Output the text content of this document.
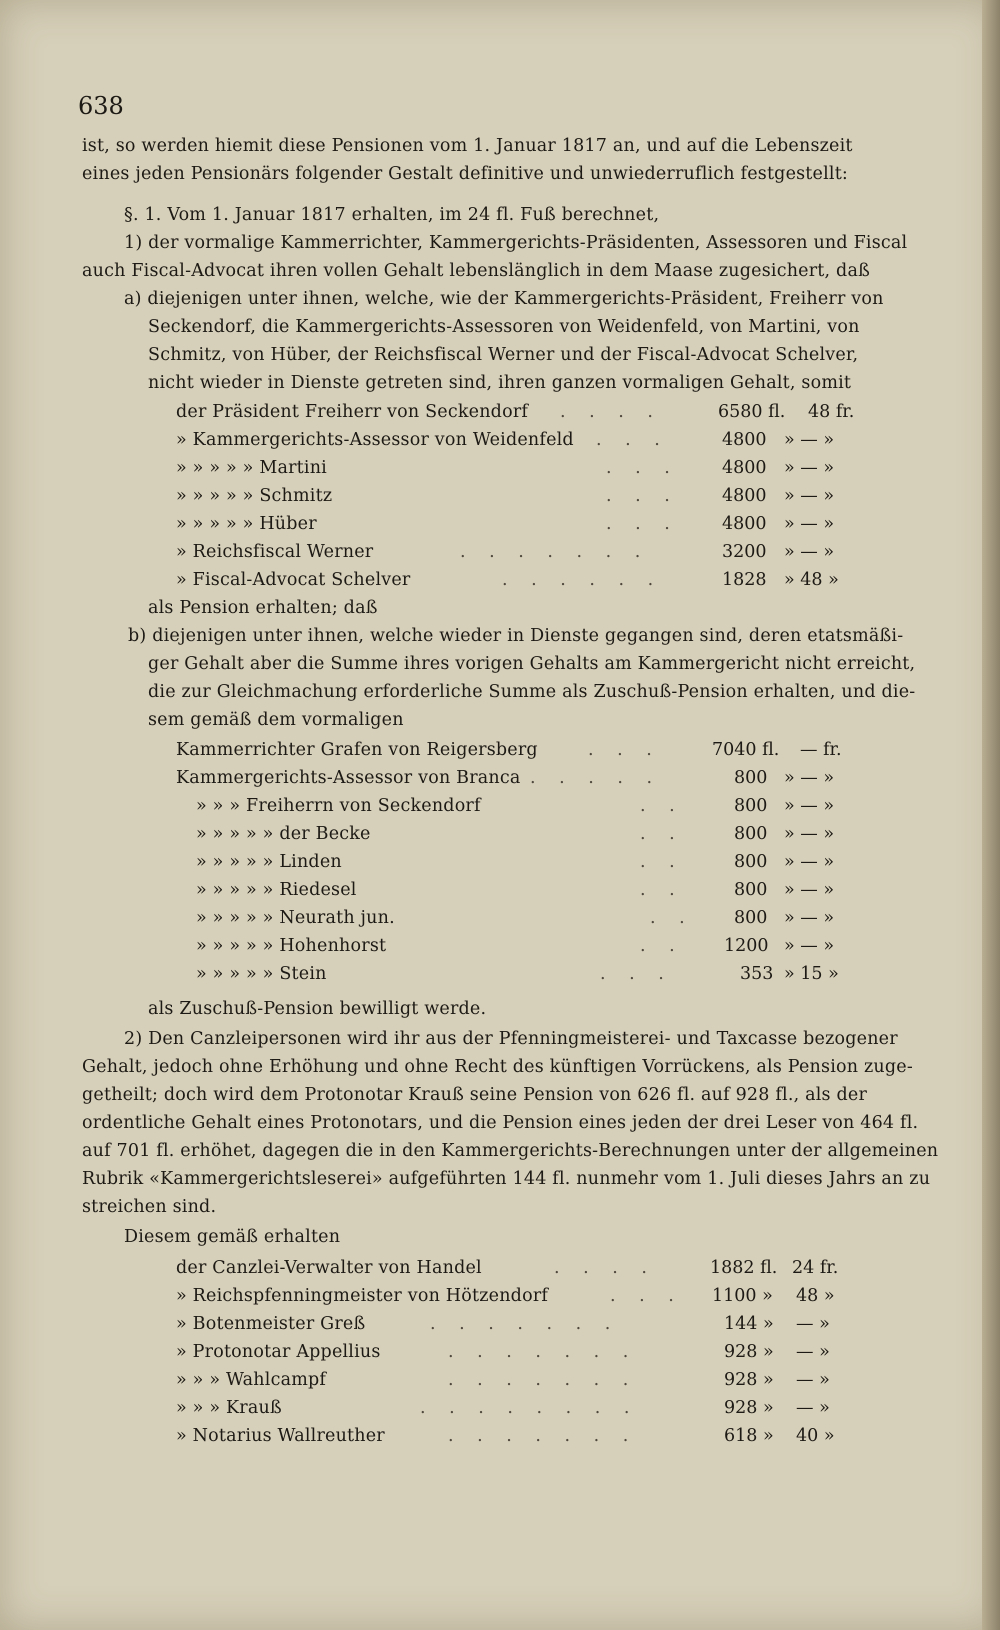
638
ist, so werden hiemit diese Pensionen vom 1. Januar 1817 an, und auf die Lebenszeit
eines jeden Pensionärs folgender Gestalt definitive und unwiederruflich festgestellt:
§. 1. Vom 1. Januar 1817 erhalten, im 24 fl. Fuß berechnet,
1) der vormalige Kammerrichter, Kammergerichts-Präsidenten, Assessoren und Fiscal
auch Fiscal-Advocat ihren vollen Gehalt lebenslänglich in dem Maase zugesichert, daß
a) diejenigen unter ihnen, welche, wie der Kammergerichts-Präsident, Freiherr von
Seckendorf, die Kammergerichts-Assessoren von Weidenfeld, von Martini, von
Schmitz, von Hüber, der Reichsfiscal Werner und der Fiscal-Advocat Schelver,
nicht wieder in Dienste getreten sind, ihren ganzen vormaligen Gehalt, somit
der Präsident Freiherr von Seckendorf . . . .	6580 fl. 48 fr.
» Kammergerichts-Assessor von Weidenfeld . . .	4800 » — »
» » » » » Martini	. . . 4800 » — »
» » » » » Schmitz	. . . 4800 » — »
» » » » » Hüber	. . . 4800 » — »
» Reichsfiscal Werner	. . . . . . .	3200 » — »
» Fiscal-Advocat Schelver	. . . . . .	1828 » 48 »
als Pension erhalten; daß
b) diejenigen unter ihnen, welche wieder in Dienste gegangen sind, deren etatsmäßi-
ger Gehalt aber die Summe ihres vorigen Gehalts am Kammergericht nicht erreicht,
die zur Gleichmachung erforderliche Summe als Zuschuß-Pension erhalten, und die-
sem gemäß dem vormaligen
Kammerrichter Grafen von Reigersberg	. . .	7040 fl. — fr.
Kammergerichts-Assessor von Branca . . . . .	800 » — »
» » » Freiherrn von Seckendorf	. .	800 » — »
» » » » » der Becke	. .	800 » — »
» » » » » Linden	. .	800 » — »
» » » » » Riedesel	. .	800 » — »
» » » » » Neurath jun.	. . 800 » — »
» » » » » Hohenhorst	. . 1200 » — »
» » » » » Stein	. . .	353 » 15 »
als Zuschuß-Pension bewilligt werde.
2) Den Canzleipersonen wird ihr aus der Pfenningmeisterei- und Taxcasse bezogener
Gehalt, jedoch ohne Erhöhung und ohne Recht des künftigen Vorrückens, als Pension zuge-
getheilt; doch wird dem Protonotar Krauß seine Pension von 626 fl. auf 928 fl., als der
ordentliche Gehalt eines Protonotars, und die Pension eines jeden der drei Leser von 464 fl.
auf 701 fl. erhöhet, dagegen die in den Kammergerichts-Berechnungen unter der allgemeinen
Rubrik «Kammergerichtsleserei» aufgeführten 144 fl. nunmehr vom 1. Juli dieses Jahrs an zu
streichen sind.
Diesem gemäß erhalten
der Canzlei-Verwalter von Handel	. . . .	1882 fl. 24 fr.
» Reichspfenningmeister von Hötzendorf	. . . 1100 » 48 »
» Botenmeister Greß	. . . . . . .	144 » — »
» Protonotar Appellius	. . . . . . .	928 » — »
» » » Wahlcampf	. . . . . . .	928 » — »
» » » Krauß	. . . . . . . .	928 » — »
» Notarius Wallreuther	. . . . . . .	618 » 40 »
